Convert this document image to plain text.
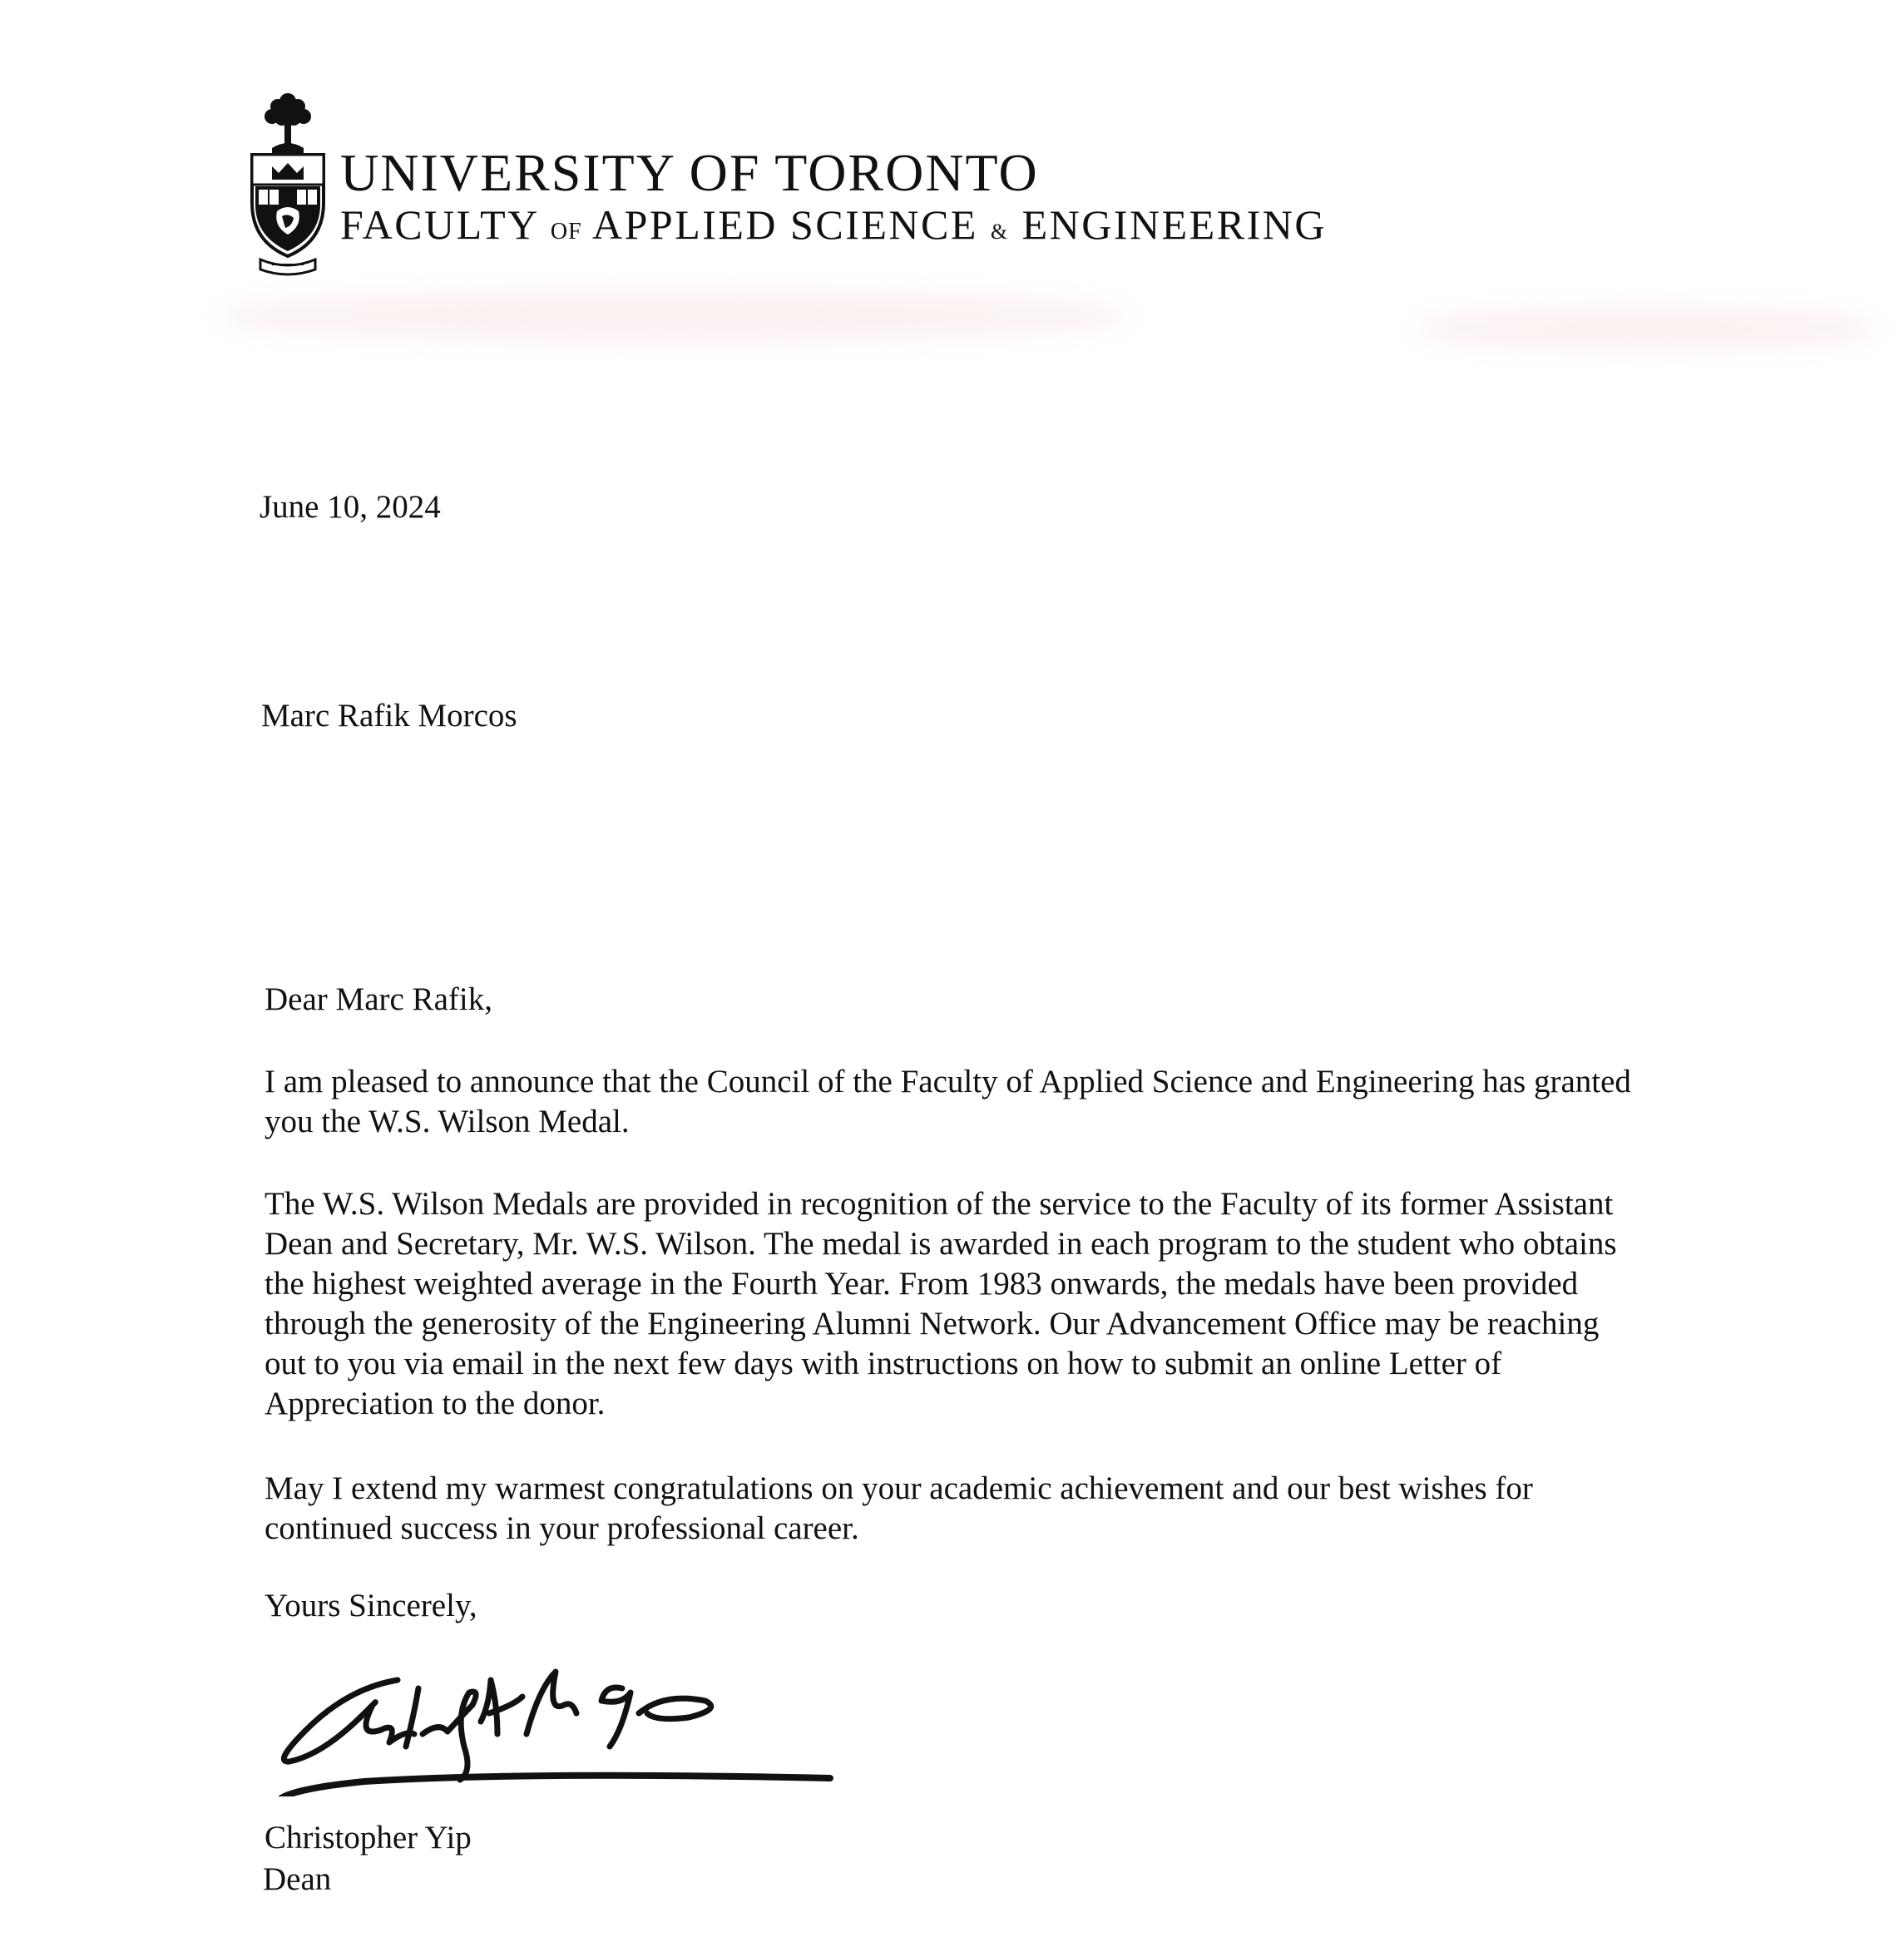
UNIVERSITY OF TORONTO
FACULTY OF APPLIED SCIENCE & ENGINEERING
June 10, 2024
Marc Rafik Morcos
Dear Marc Rafik,
I am pleased to announce that the Council of the Faculty of Applied Science and Engineering has granted you the W.S. Wilson Medal.
The W.S. Wilson Medals are provided in recognition of the service to the Faculty of its former Assistant Dean and Secretary, Mr. W.S. Wilson. The medal is awarded in each program to the student who obtains the highest weighted average in the Fourth Year. From 1983 onwards, the medals have been provided through the generosity of the Engineering Alumni Network. Our Advancement Office may be reaching out to you via email in the next few days with instructions on how to submit an online Letter of Appreciation to the donor.
May I extend my warmest congratulations on your academic achievement and our best wishes for continued success in your professional career.
Yours Sincerely,
Christopher Yip
Dean
